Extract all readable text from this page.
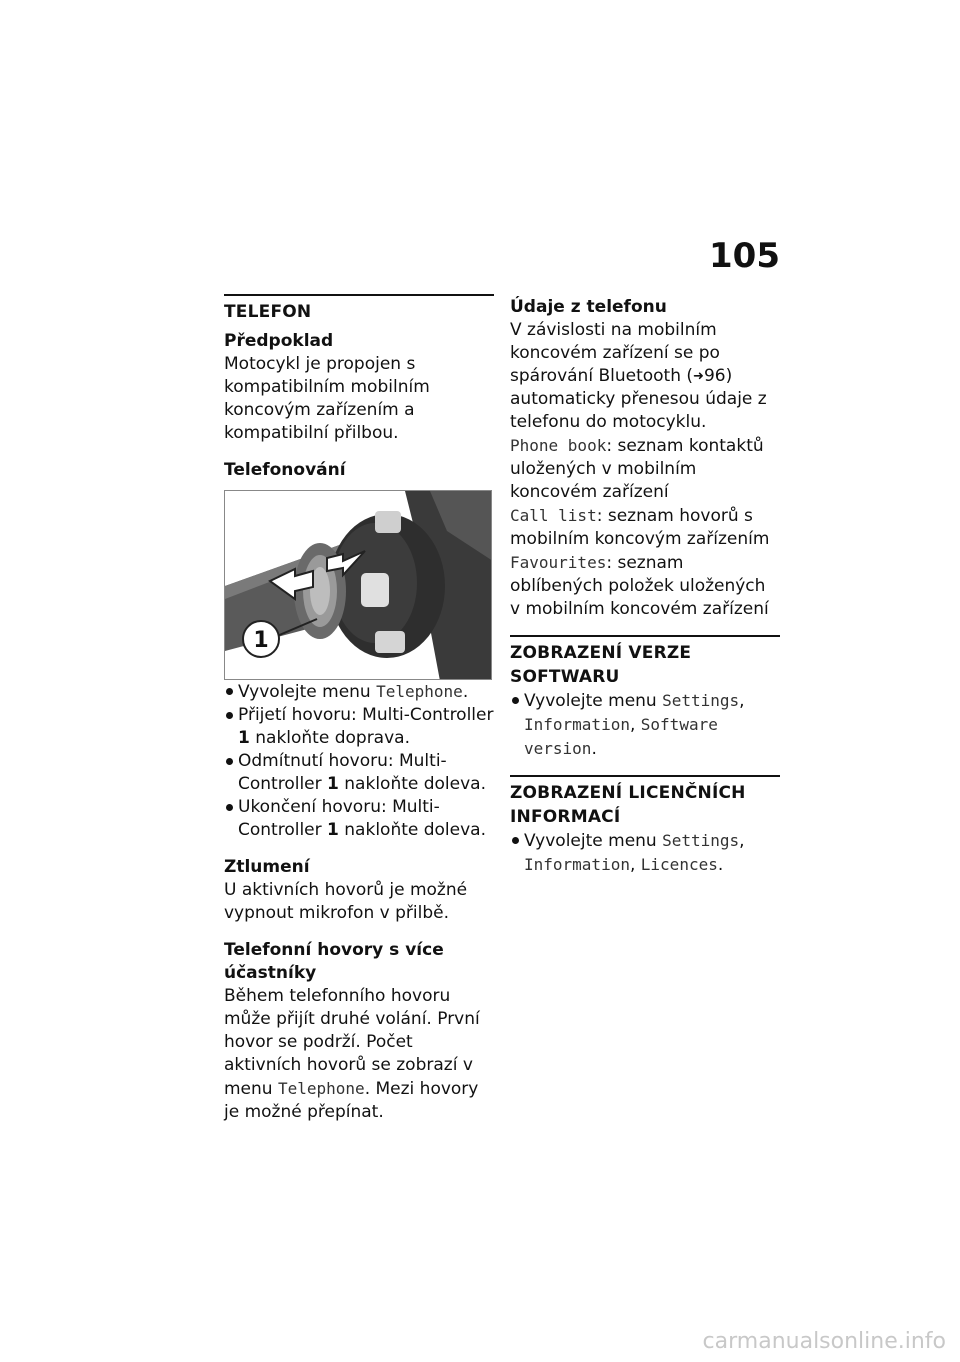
105
TELEFON
Předpoklad
Motocykl je propojen s kompatibilním mobilním koncovým zařízením a kompatibilní přilbou.
Telefonování
1
Vyvolejte menu Telephone.
Přijetí hovoru: Multi-Controller 1 nakloňte doprava.
Odmítnutí hovoru: Multi-Controller 1 nakloňte doleva.
Ukončení hovoru: Multi-Controller 1 nakloňte doleva.
Ztlumení
U aktivních hovorů je možné vypnout mikrofon v přilbě.
Telefonní hovory s více účastníky
Během telefonního hovoru může přijít druhé volání. První hovor se podrží. Počet aktivních hovorů se zobrazí v menu Telephone. Mezi hovory je možné přepínat.
Údaje z telefonu
V závislosti na mobilním koncovém zařízení se po spárování Bluetooth (➜96) automaticky přenesou údaje z telefonu do motocyklu.
Phone book: seznam kontaktů uložených v mobilním koncovém zařízení
Call list: seznam hovorů s mobilním koncovým zařízením
Favourites: seznam oblíbených položek uložených v mobilním koncovém zařízení
ZOBRAZENÍ VERZE SOFTWARU
Vyvolejte menu Settings, Information, Software version.
ZOBRAZENÍ LICENČNÍCH INFORMACÍ
Vyvolejte menu Settings, Information, Licences.
carmanualsonline.info
